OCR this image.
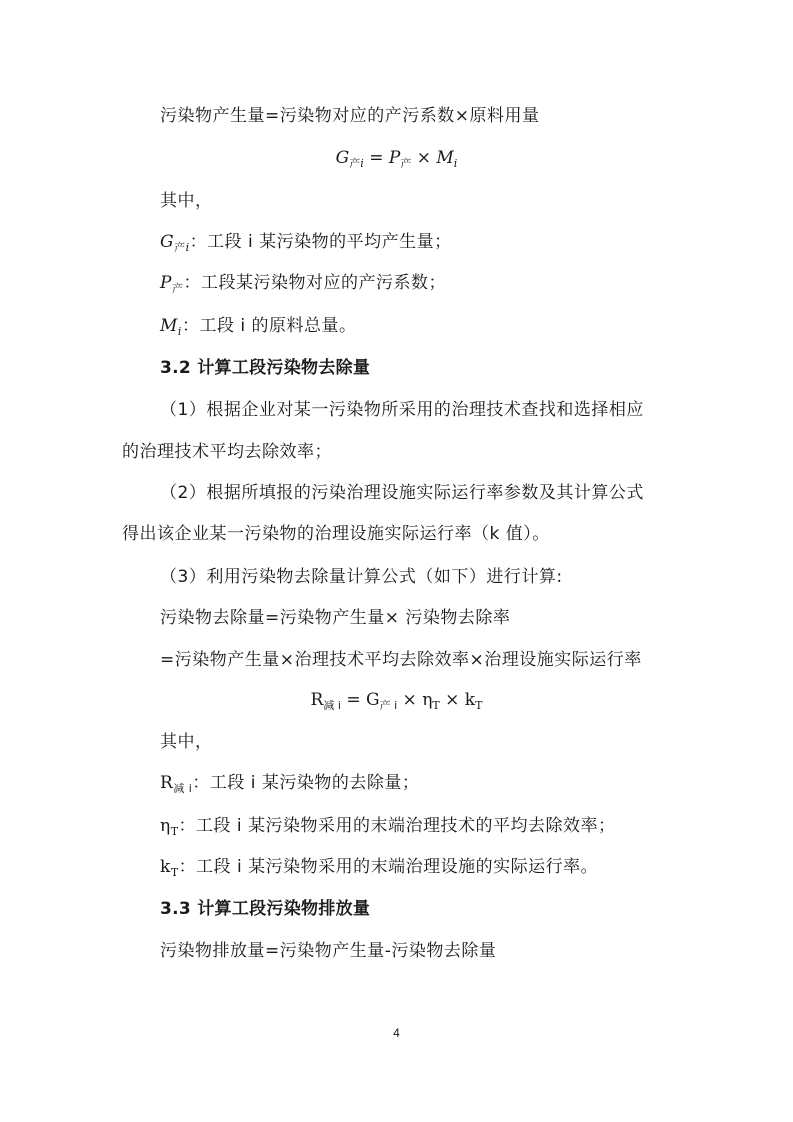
污染物产生量=污染物对应的产污系数×原料用量
$G_{产i} = P_产 \times M_i$
其中，
$G_{产i}$：工段 i 某污染物的平均产生量；
$P_产$：工段某污染物对应的产污系数；
$M_i$：工段 i 的原料总量。
3.2 计算工段污染物去除量
（1）根据企业对某一污染物所采用的治理技术查找和选择相应
的治理技术平均去除效率；
（2）根据所填报的污染治理设施实际运行率参数及其计算公式
得出该企业某一污染物的治理设施实际运行率（k 值）。
（3）利用污染物去除量计算公式（如下）进行计算:
污染物去除量=污染物产生量× 污染物去除率
=污染物产生量×治理技术平均去除效率×治理设施实际运行率
$R_{减 i} = G_{产 i} \times \eta_T \times k_T$
其中，
$R_{减 i}$：工段 i 某污染物的去除量；
$\eta_T$：工段 i 某污染物采用的末端治理技术的平均去除效率；
$k_T$：工段 i 某污染物采用的末端治理设施的实际运行率。
3.3 计算工段污染物排放量
污染物排放量=污染物产生量-污染物去除量
4
